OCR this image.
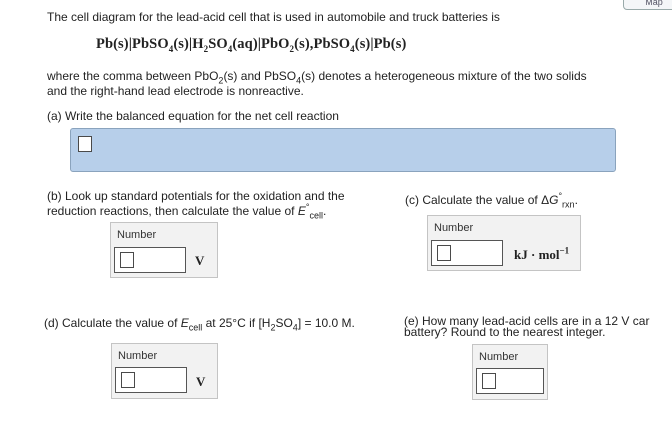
Map
The cell diagram for the lead-acid cell that is used in automobile and truck batteries is
$Pb(s)|PbSO_4(s)|H_2SO_4(aq)|PbO_2(s),PbSO_4(s)|Pb(s)$
where the comma between PbO$_2$(s) and PbSO$_4$(s) denotes a heterogeneous mixture of the two solids
and the right-hand lead electrode is nonreactive.
(a) Write the balanced equation for the net cell reaction
(b) Look up standard potentials for the oxidation and the
reduction reactions, then calculate the value of $E^\circ_{cell}$.
Number
V
(c) Calculate the value of $\Delta G^\circ_{rxn}$.
Number
kJ · mol$^{-1}$
(d) Calculate the value of $E_{cell}$ at 25°C if $[H_2SO_4] = 10.0$ M.
Number
V
(e) How many lead-acid cells are in a 12 V car
battery? Round to the nearest integer.
Number
